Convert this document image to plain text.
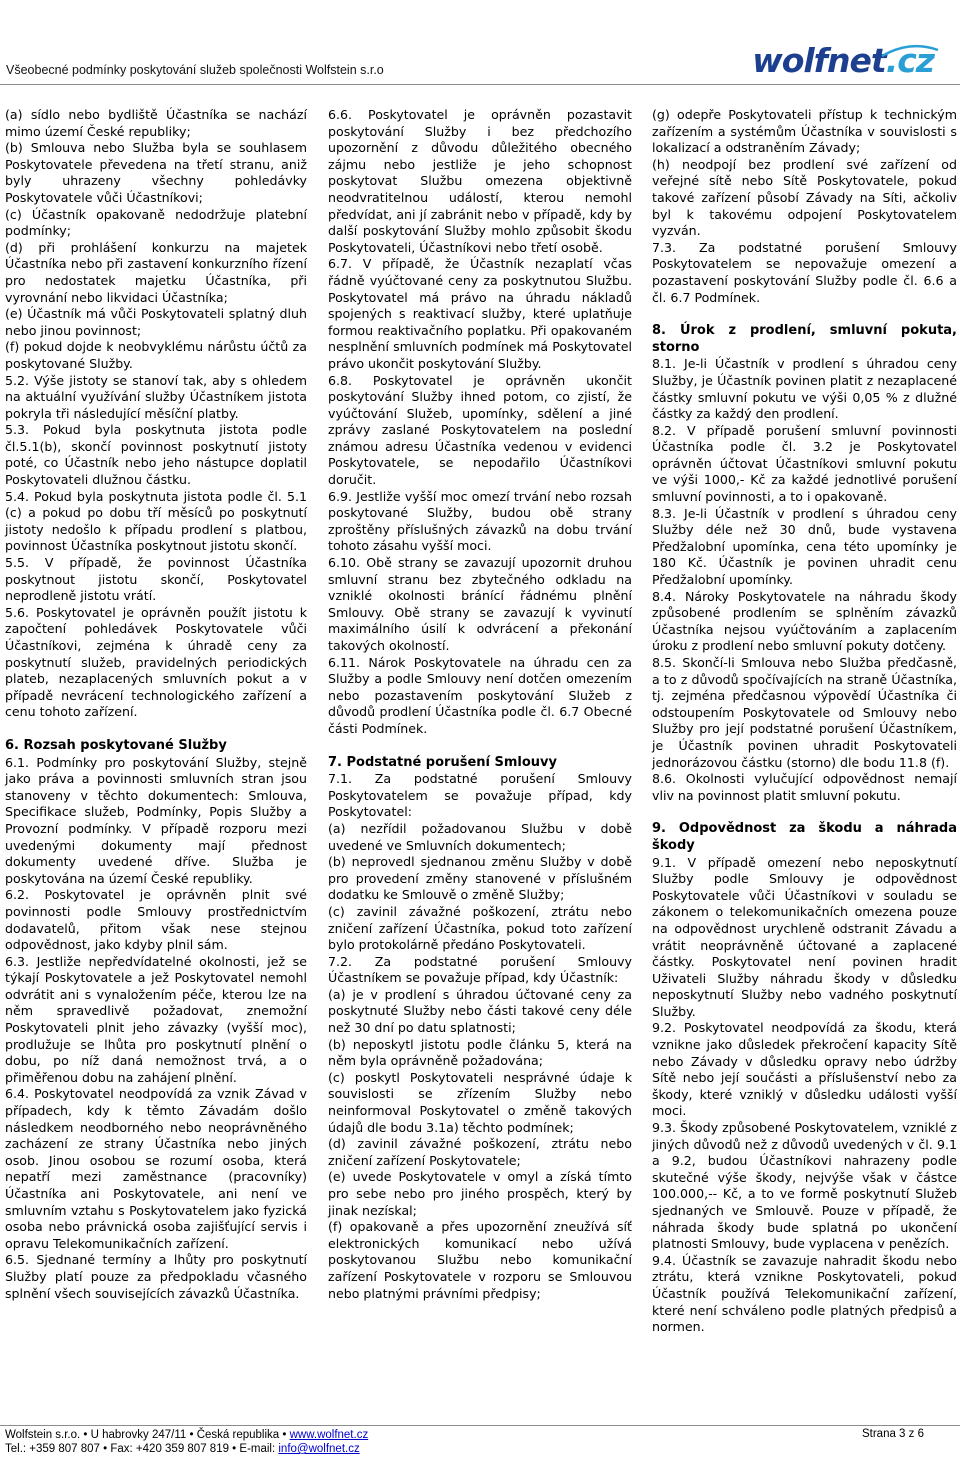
Všeobecné podmínky poskytování služeb společnosti Wolfstein s.r.o	wolfnet .cz

(a) sídlo nebo bydliště Účastníka se nachází mimo území České republiky;

(b) Smlouva nebo Služba byla se souhlasem Poskytovatele převedena na třetí stranu, aniž byly uhrazeny všechny pohledávky Poskytovatele vůči Účastníkovi;

(c) Účastník opakovaně nedodržuje platební podmínky;

(d) při prohlášení konkurzu na majetek Účastníka nebo při zastavení konkurzního řízení pro nedostatek majetku Účastníka, při vyrovnání nebo likvidaci Účastníka;

(e) Účastník má vůči Poskytovateli splatný dluh nebo jinou povinnost;

(f) pokud dojde k neobvyklému nárůstu účtů za poskytované Služby.

5.2. Výše jistoty se stanoví tak, aby s ohledem na aktuální využívání služby Účastníkem jistota pokryla tři následující měsíční platby.

5.3. Pokud byla poskytnuta jistota podle čl.5.1(b), skončí povinnost poskytnutí jistoty poté, co Účastník nebo jeho nástupce doplatil Poskytovateli dlužnou částku.

5.4. Pokud byla poskytnuta jistota podle čl. 5.1 (c) a pokud po dobu tří měsíců po poskytnutí jistoty nedošlo k případu prodlení s platbou, povinnost Účastníka poskytnout jistotu skončí.

5.5. V případě, že povinnost Účastníka poskytnout jistotu skončí, Poskytovatel neprodleně jistotu vrátí.

5.6. Poskytovatel je oprávněn použít jistotu k započtení pohledávek Poskytovatele vůči Účastníkovi, zejména k úhradě ceny za poskytnutí služeb, pravidelných periodických plateb, nezaplacených smluvních pokut a v případě nevrácení technologického zařízení a cenu tohoto zařízení.

6. Rozsah poskytované Služby

6.1. Podmínky pro poskytování Služby, stejně jako práva a povinnosti smluvních stran jsou stanoveny v těchto dokumentech: Smlouva, Specifikace služeb, Podmínky, Popis Služby a Provozní podmínky. V případě rozporu mezi uvedenými dokumenty mají přednost dokumenty uvedené dříve. Služba je poskytována na území České republiky.

6.2. Poskytovatel je oprávněn plnit své povinnosti podle Smlouvy prostřednictvím dodavatelů, přitom však nese stejnou odpovědnost, jako kdyby plnil sám.

6.3. Jestliže nepředvídatelné okolnosti, jež se týkají Poskytovatele a jež Poskytovatel nemohl odvrátit ani s vynaložením péče, kterou lze na něm spravedlivě požadovat, znemožní Poskytovateli plnit jeho závazky (vyšší moc), prodlužuje se lhůta pro poskytnutí plnění o dobu, po níž daná nemožnost trvá, a o přiměřenou dobu na zahájení plnění.

6.4. Poskytovatel neodpovídá za vznik Závad v případech, kdy k těmto Závadám došlo následkem neodborného nebo neoprávněného zacházení ze strany Účastníka nebo jiných osob. Jinou osobou se rozumí osoba, která nepatří mezi zaměstnance (pracovníky) Účastníka ani Poskytovatele, ani není ve smluvním vztahu s Poskytovatelem jako fyzická osoba nebo právnická osoba zajišťující servis i opravu Telekomunikačních zařízení.

6.5. Sjednané termíny a lhůty pro poskytnutí Služby platí pouze za předpokladu včasného splnění všech souvisejících závazků Účastníka.

6.6. Poskytovatel je oprávněn pozastavit poskytování Služby i bez předchozího upozornění z důvodu důležitého obecného zájmu nebo jestliže je jeho schopnost poskytovat Službu omezena objektivně neodvratitelnou událostí, kterou nemohl předvídat, ani jí zabránit nebo v případě, kdy by další poskytování Služby mohlo způsobit škodu Poskytovateli, Účastníkovi nebo třetí osobě.

6.7. V případě, že Účastník nezaplatí včas řádně vyúčtované ceny za poskytnutou Službu. Poskytovatel má právo na úhradu nákladů spojených s reaktivací služby, které uplatňuje formou reaktivačního poplatku. Při opakovaném nesplnění smluvních podmínek má Poskytovatel právo ukončit poskytování Služby.

6.8. Poskytovatel je oprávněn ukončit poskytování Služby ihned potom, co zjistí, že vyúčtování Služeb, upomínky, sdělení a jiné zprávy zaslané Poskytovatelem na poslední známou adresu Účastníka vedenou v evidenci Poskytovatele, se nepodařilo Účastníkovi doručit.

6.9. Jestliže vyšší moc omezí trvání nebo rozsah poskytované Služby, budou obě strany zproštěny příslušných závazků na dobu trvání tohoto zásahu vyšší moci.

6.10. Obě strany se zavazují upozornit druhou smluvní stranu bez zbytečného odkladu na vzniklé okolnosti bránící řádnému plnění Smlouvy. Obě strany se zavazují k vyvinutí maximálního úsilí k odvrácení a překonání takových okolností.

6.11. Nárok Poskytovatele na úhradu cen za Služby a podle Smlouvy není dotčen omezením nebo pozastavením poskytování Služeb z důvodů prodlení Účastníka podle čl. 6.7 Obecné části Podmínek.

7. Podstatné porušení Smlouvy

7.1. Za podstatné porušení Smlouvy Poskytovatelem se považuje případ, kdy Poskytovatel:

(a) nezřídil požadovanou Službu v době uvedené ve Smluvních dokumentech;

(b) neprovedl sjednanou změnu Služby v době pro provedení změny stanovené v příslušném dodatku ke Smlouvě o změně Služby;

(c) zavinil závažné poškození, ztrátu nebo zničení zařízení Účastníka, pokud toto zařízení bylo protokolárně předáno Poskytovateli.

7.2. Za podstatné porušení Smlouvy Účastníkem se považuje případ, kdy Účastník:

(a) je v prodlení s úhradou účtované ceny za poskytnuté Služby nebo části takové ceny déle než 30 dní po datu splatnosti;

(b) neposkytl jistotu podle článku 5, která na něm byla oprávněně požadována;

(c) poskytl Poskytovateli nesprávné údaje k souvislosti se zřízením Služby nebo neinformoval Poskytovatel o změně takových údajů dle bodu 3.1a) těchto podmínek;

(d) zavinil závažné poškození, ztrátu nebo zničení zařízení Poskytovatele;

(e) uvede Poskytovatele v omyl a získá tímto pro sebe nebo pro jiného prospěch, který by jinak nezískal;

(f) opakovaně a přes upozornění zneužívá síť elektronických komunikací nebo užívá poskytovanou Službu nebo komunikační zařízení Poskytovatele v rozporu se Smlouvou nebo platnými právními předpisy;

(g) odepře Poskytovateli přístup k technickým zařízením a systémům Účastníka v souvislosti s lokalizací a odstraněním Závady;

(h) neodpojí bez prodlení své zařízení od veřejné sítě nebo Sítě Poskytovatele, pokud takové zařízení působí Závady na Síti, ačkoliv byl k takovému odpojení Poskytovatelem vyzván.

7.3. Za podstatné porušení Smlouvy Poskytovatelem se nepovažuje omezení a pozastavení poskytování Služby podle čl. 6.6 a čl. 6.7 Podmínek.

8. Úrok z prodlení, smluvní pokuta, storno

8.1. Je-li Účastník v prodlení s úhradou ceny Služby, je Účastník povinen platit z nezaplacené částky smluvní pokutu ve výši 0,05 % z dlužné částky za každý den prodlení.

8.2. V případě porušení smluvní povinnosti Účastníka podle čl. 3.2 je Poskytovatel oprávněn účtovat Účastníkovi smluvní pokutu ve výši 1000,- Kč za každé jednotlivé porušení smluvní povinnosti, a to i opakovaně.

8.3. Je-li Účastník v prodlení s úhradou ceny Služby déle než 30 dnů, bude vystavena Předžalobní upomínka, cena této upomínky je 180 Kč. Účastník je povinen uhradit cenu Předžalobní upomínky.

8.4. Nároky Poskytovatele na náhradu škody způsobené prodlením se splněním závazků Účastníka nejsou vyúčtováním a zaplacením úroku z prodlení nebo smluvní pokuty dotčeny.

8.5. Skončí-li Smlouva nebo Služba předčasně, a to z důvodů spočívajících na straně Účastníka, tj. zejména předčasnou výpovědí Účastníka či odstoupením Poskytovatele od Smlouvy nebo Služby pro její podstatné porušení Účastníkem, je Účastník povinen uhradit Poskytovateli jednorázovou částku (storno) dle bodu 11.8 (f).

8.6. Okolnosti vylučující odpovědnost nemají vliv na povinnost platit smluvní pokutu.

9. Odpovědnost za škodu a náhrada škody

9.1. V případě omezení nebo neposkytnutí Služby podle Smlouvy je odpovědnost Poskytovatele vůči Účastníkovi v souladu se zákonem o telekomunikačních omezena pouze na odpovědnost urychleně odstranit Závadu a vrátit neoprávněně účtované a zaplacené částky. Poskytovatel není povinen hradit Uživateli Služby náhradu škody v důsledku neposkytnutí Služby nebo vadného poskytnutí Služby.

9.2. Poskytovatel neodpovídá za škodu, která vznikne jako důsledek překročení kapacity Sítě nebo Závady v důsledku opravy nebo údržby Sítě nebo její součásti a příslušenství nebo za škody, které vzniklý v důsledku události vyšší moci.

9.3. Škody způsobené Poskytovatelem, vzniklé z jiných důvodů než z důvodů uvedených v čl. 9.1 a 9.2, budou Účastníkovi nahrazeny podle skutečné výše škody, nejvýše však v částce 100.000,-- Kč, a to ve formě poskytnutí Služeb sjednaných ve Smlouvě. Pouze v případě, že náhrada škody bude splatná po ukončení platnosti Smlouvy, bude vyplacena v penězích.

9.4. Účastník se zavazuje nahradit škodu nebo ztrátu, která vznikne Poskytovateli, pokud Účastník používá Telekomunikační zařízení, které není schváleno podle platných předpisů a normen.

Wolfstein s.r.o. • U habrovky 247/11 • Česká republika • www.wolfnet.cz
Tel.: +359 807 807 • Fax: +420 359 807 819 • E-mail: info@wolfnet.cz
Strana 3 z 6
